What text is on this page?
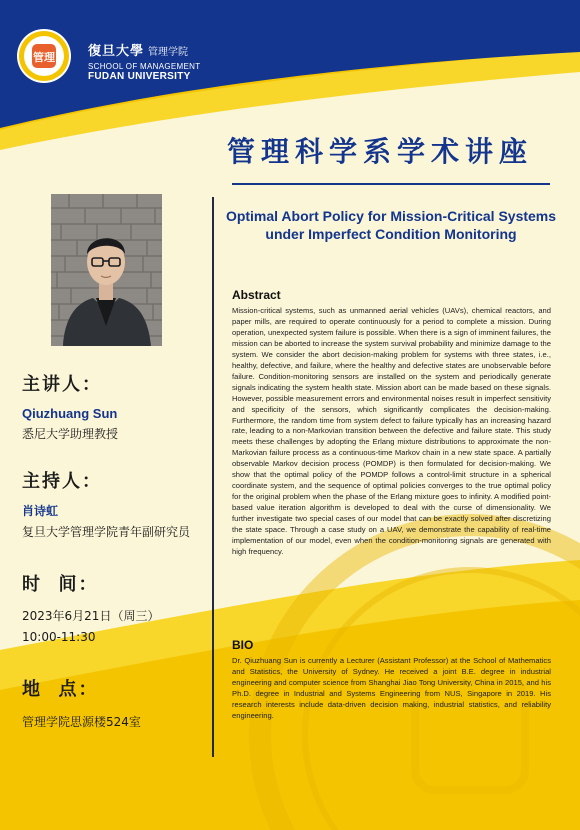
管理	復旦大學 管理学院
SCHOOL OF MANAGEMENT
FUDAN UNIVERSITY
管理科学系学术讲座
主讲人：
Qiuzhuang Sun
悉尼大学助理教授
主持人：
肖诗虹
复旦大学管理学院青年副研究员
时  间：
2023年6月21日（周三）
10:00-11:30
地  点：
管理学院思源楼524室
Optimal Abort Policy for Mission-Critical Systems under Imperfect Condition Monitoring
Abstract

Mission-critical systems, such as unmanned aerial vehicles (UAVs), chemical reactors, and paper mills, are required to operate continuously for a period to complete a mission. During operation, unexpected system failure is possible. When there is a sign of imminent failures, the mission can be aborted to increase the system survival probability and minimize damage to the system. We consider the abort decision-making problem for systems with three states, i.e., healthy, defective, and failure, where the healthy and defective states are unobservable before failure. Condition-monitoring sensors are installed on the system and periodically generate signals indicating the system health state. Mission abort can be made based on these signals. However, possible measurement errors and environmental noises result in imperfect sensitivity and specificity of the sensors, which significantly complicates the decision-making. Furthermore, the random time from system defect to failure typically has an increasing hazard rate, leading to a non-Markovian transition between the defective and failure state. This study meets these challenges by adopting the Erlang mixture distributions to approximate the non-Markovian failure process as a continuous-time Markov chain in a new state space. A partially observable Markov decision process (POMDP) is then formulated for decision-making. We show that the optimal policy of the POMDP follows a control-limit structure in a spherical coordinate system, and the sequence of optimal policies converges to the true optimal policy for the original problem when the phase of the Erlang mixture goes to infinity. A modified point-based value iteration algorithm is developed to deal with the curse of dimensionality. We further investigate two special cases of our model that can be exactly solved after discretizing the state space. Through a case study on a UAV, we demonstrate the capability of real-time implementation of our model, even when the condition-monitoring signals are generated with high frequency.

BIO

Dr. Qiuzhuang Sun is currently a Lecturer (Assistant Professor) at the School of Mathematics and Statistics, the University of Sydney. He received a joint B.E. degree in industrial engineering and computer science from Shanghai Jiao Tong University, China in 2015, and his Ph.D. degree in Industrial and Systems Engineering from NUS, Singapore in 2019. His research interests include data-driven decision making, industrial statistics, and reliability engineering.
